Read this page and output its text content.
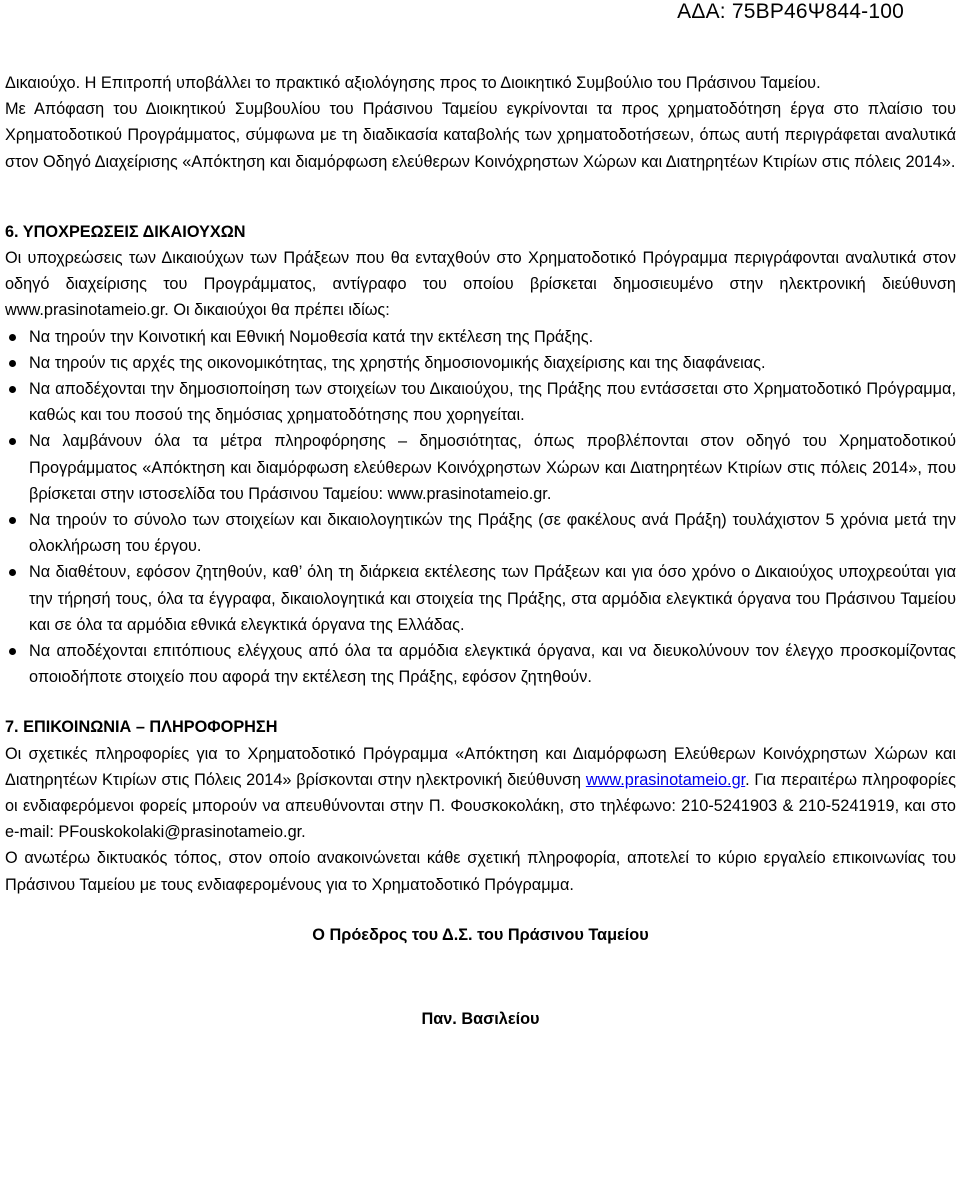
ΑΔΑ: 75ΒΡ46Ψ844-100

Δικαιούχο. Η Επιτροπή υποβάλλει το πρακτικό αξιολόγησης προς το Διοικητικό Συμβούλιο του Πράσινου Ταμείου.

Με Απόφαση του Διοικητικού Συμβουλίου του Πράσινου Ταμείου εγκρίνονται τα προς χρηματοδότηση έργα στο πλαίσιο του Χρηματοδοτικού Προγράμματος, σύμφωνα με τη διαδικασία καταβολής των χρηματοδοτήσεων, όπως αυτή περιγράφεται αναλυτικά στον Οδηγό Διαχείρισης «Απόκτηση και διαμόρφωση ελεύθερων Κοινόχρηστων Χώρων και Διατηρητέων Κτιρίων στις πόλεις 2014».

6. ΥΠΟΧΡΕΩΣΕΙΣ ΔΙΚΑΙΟΥΧΩΝ

Οι υποχρεώσεις των Δικαιούχων των Πράξεων που θα ενταχθούν στο Χρηματοδοτικό Πρόγραμμα περιγράφονται αναλυτικά στον οδηγό διαχείρισης του Προγράμματος, αντίγραφο του οποίου βρίσκεται δημοσιευμένο στην ηλεκτρονική διεύθυνση www.prasinotameio.gr. Οι δικαιούχοι θα πρέπει ιδίως:

Να τηρούν την Κοινοτική και Εθνική Νομοθεσία κατά την εκτέλεση της Πράξης.
Να τηρούν τις αρχές της οικονομικότητας, της χρηστής δημοσιονομικής διαχείρισης και της διαφάνειας.
Να αποδέχονται την δημοσιοποίηση των στοιχείων του Δικαιούχου, της Πράξης που εντάσσεται στο Χρηματοδοτικό Πρόγραμμα, καθώς και του ποσού της δημόσιας χρηματοδότησης που χορηγείται.
Να λαμβάνουν όλα τα μέτρα πληροφόρησης – δημοσιότητας, όπως προβλέπονται στον οδηγό του Χρηματοδοτικού Προγράμματος «Απόκτηση και διαμόρφωση ελεύθερων Κοινόχρηστων Χώρων και Διατηρητέων Κτιρίων στις πόλεις 2014», που βρίσκεται στην ιστοσελίδα του Πράσινου Ταμείου: www.prasinotameio.gr.
Να τηρούν το σύνολο των στοιχείων και δικαιολογητικών της Πράξης (σε φακέλους ανά Πράξη) τουλάχιστον 5 χρόνια μετά την ολοκλήρωση του έργου.
Να διαθέτουν, εφόσον ζητηθούν, καθ’ όλη τη διάρκεια εκτέλεσης των Πράξεων και για όσο χρόνο ο Δικαιούχος υποχρεούται για την τήρησή τους, όλα τα έγγραφα, δικαιολογητικά και στοιχεία της Πράξης, στα αρμόδια ελεγκτικά όργανα του Πράσινου Ταμείου και σε όλα τα αρμόδια εθνικά ελεγκτικά όργανα της Ελλάδας.
Να αποδέχονται επιτόπιους ελέγχους από όλα τα αρμόδια ελεγκτικά όργανα, και να διευκολύνουν τον έλεγχο προσκομίζοντας οποιοδήποτε στοιχείο που αφορά την εκτέλεση της Πράξης, εφόσον ζητηθούν.
7. ΕΠΙΚΟΙΝΩΝΙΑ – ΠΛΗΡΟΦΟΡΗΣΗ

Οι σχετικές πληροφορίες για το Χρηματοδοτικό Πρόγραμμα «Απόκτηση και Διαμόρφωση Ελεύθερων Κοινόχρηστων Χώρων και Διατηρητέων Κτιρίων στις Πόλεις 2014» βρίσκονται στην ηλεκτρονική διεύθυνση www.prasinotameio.gr. Για περαιτέρω πληροφορίες οι ενδιαφερόμενοι φορείς μπορούν να απευθύνονται στην Π. Φουσκοκολάκη, στο τηλέφωνο: 210-5241903 & 210-5241919, και στο e-mail: PFouskokolaki@prasinotameio.gr.

Ο ανωτέρω δικτυακός τόπος, στον οποίο ανακοινώνεται κάθε σχετική πληροφορία, αποτελεί το κύριο εργαλείο επικοινωνίας του Πράσινου Ταμείου με τους ενδιαφερομένους για το Χρηματοδοτικό Πρόγραμμα.

Ο Πρόεδρος του Δ.Σ. του Πράσινου Ταμείου

Παν. Βασιλείου
